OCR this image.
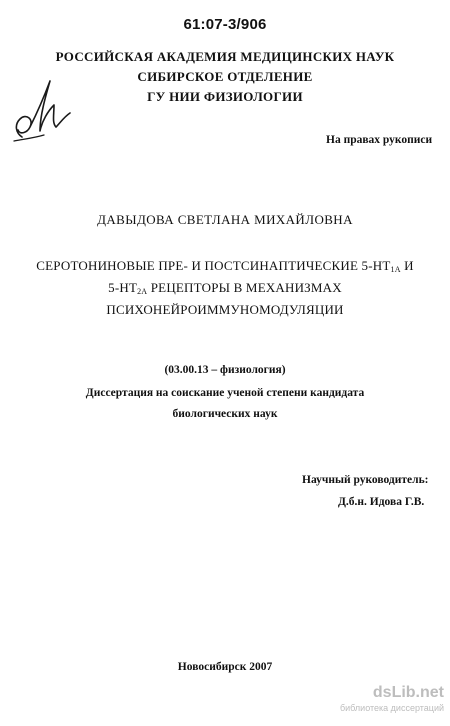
61:07-3/906
РОССИЙСКАЯ АКАДЕМИЯ МЕДИЦИНСКИХ НАУК
СИБИРСКОЕ ОТДЕЛЕНИЕ
ГУ НИИ ФИЗИОЛОГИИ
На правах рукописи
ДАВЫДОВА СВЕТЛАНА МИХАЙЛОВНА
СЕРОТОНИНОВЫЕ ПРЕ- И ПОСТСИНАПТИЧЕСКИЕ $5-НТ_{1А}$ И
$5-НТ_{2А}$ РЕЦЕПТОРЫ В МЕХАНИЗМАХ
ПСИХОНЕЙРОИММУНОМОДУЛЯЦИИ
(03.00.13 – физиология)
Диссертация на соискание ученой степени кандидата
биологических наук
Научный руководитель:
Д.б.н. Идова Г.В.
Новосибирск 2007
dsLib.net
библиотека диссертаций
